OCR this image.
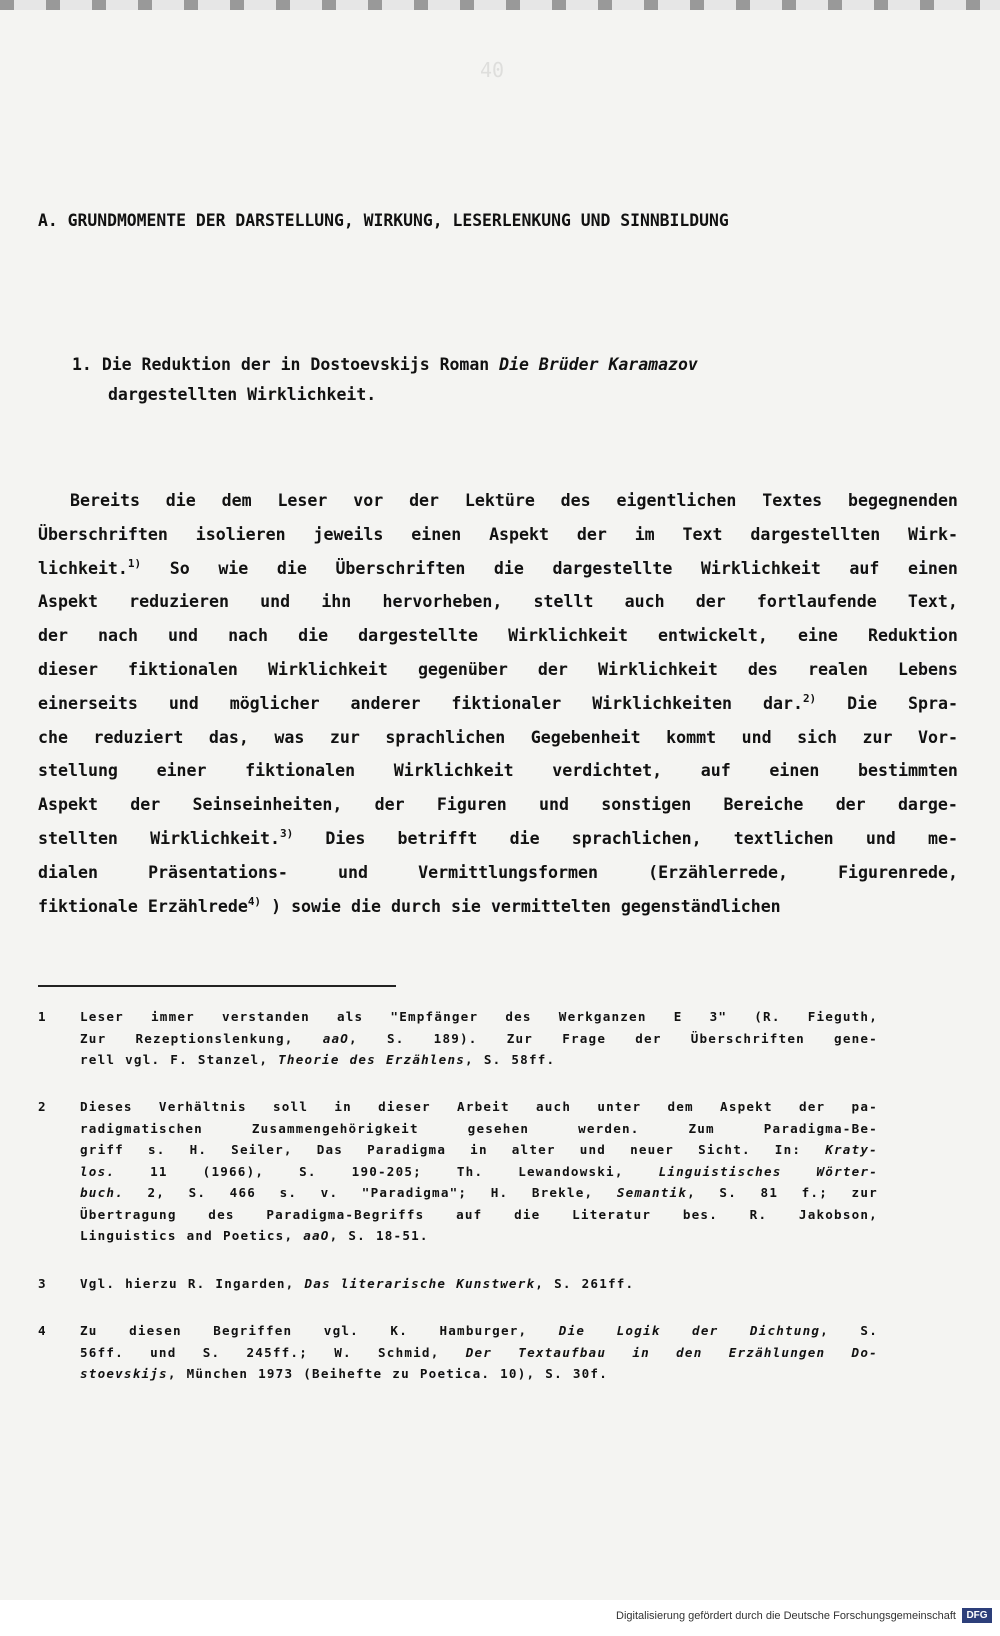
40
A. GRUNDMOMENTE DER DARSTELLUNG, WIRKUNG, LESERLENKUNG UND SINNBILDUNG
1. Die Reduktion der in Dostoevskijs Roman Die Brüder Karamazov
dargestellten Wirklichkeit.
Bereits die dem Leser vor der Lektüre des eigentlichen Textes begegnenden
Überschriften isolieren jeweils einen Aspekt der im Text dargestellten Wirk-
lichkeit.$^{1)}$ So wie die Überschriften die dargestellte Wirklichkeit auf einen
Aspekt reduzieren und ihn hervorheben, stellt auch der fortlaufende Text,
der nach und nach die dargestellte Wirklichkeit entwickelt, eine Reduktion
dieser fiktionalen Wirklichkeit gegenüber der Wirklichkeit des realen Lebens
einerseits und möglicher anderer fiktionaler Wirklichkeiten dar.$^{2)}$ Die Spra-
che reduziert das, was zur sprachlichen Gegebenheit kommt und sich zur Vor-
stellung einer fiktionalen Wirklichkeit verdichtet, auf einen bestimmten
Aspekt der Seinseinheiten, der Figuren und sonstigen Bereiche der darge-
stellten Wirklichkeit.$^{3)}$ Dies betrifft die sprachlichen, textlichen und me-
dialen	Präsentations-	und	Vermittlungsformen	(Erzählerrede,	Figurenrede,
fiktionale Erzählrede$^{4)}$ ) sowie die durch sie vermittelten gegenständlichen
1	Leser immer verstanden als "Empfänger des Werkganzen E 3" (R. Fieguth,
Zur Rezeptionslenkung, aaO, S. 189). Zur Frage der Überschriften gene-
rell vgl. F. Stanzel, Theorie des Erzählens, S. 58ff.
2	Dieses Verhältnis soll in dieser Arbeit auch unter dem Aspekt der pa-
radigmatischen	Zusammengehörigkeit	gesehen	werden.	Zum	Paradigma-Be-
griff s. H. Seiler, Das Paradigma in alter und neuer Sicht. In: Kraty-
los.	11	(1966),	S.	190-205;	Th.	Lewandowski,	Linguistisches	Wörter-
buch. 2, S. 466 s. v. "Paradigma"; H. Brekle, Semantik, S. 81 f.; zur
Übertragung	des	Paradigma-Begriffs	auf	die	Literatur	bes.	R.	Jakobson,
Linguistics and Poetics, aaO, S. 18-51.
3	Vgl. hierzu R. Ingarden, Das literarische Kunstwerk, S. 261ff.
4	Zu diesen Begriffen vgl. K. Hamburger, Die Logik der Dichtung, S.
56ff. und S. 245ff.; W. Schmid, Der Textaufbau in den Erzählungen Do-
stoevskijs, München 1973 (Beihefte zu Poetica. 10), S. 30f.
Digitalisierung gefördert durch die Deutsche Forschungsgemeinschaft	DFG
